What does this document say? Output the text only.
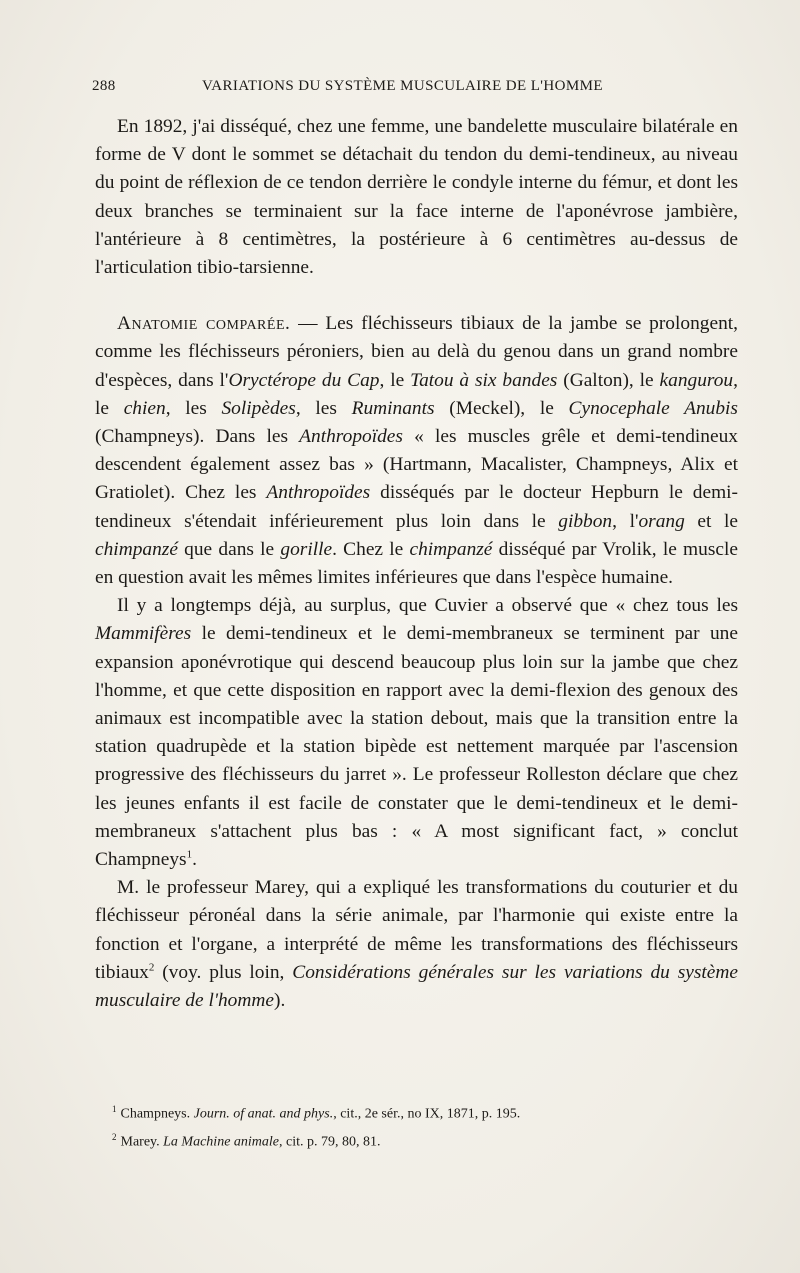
288	VARIATIONS DU SYSTÈME MUSCULAIRE DE L'HOMME

En 1892, j'ai disséqué, chez une femme, une bandelette musculaire bilatérale en forme de V dont le sommet se détachait du tendon du demi-tendineux, au niveau du point de réflexion de ce tendon derrière le condyle interne du fémur, et dont les deux branches se terminaient sur la face interne de l'aponévrose jambière, l'antérieure à 8 centimètres, la postérieure à 6 centimètres au-dessus de l'articulation tibio-tarsienne.

Anatomie comparée. — Les fléchisseurs tibiaux de la jambe se prolongent, comme les fléchisseurs péroniers, bien au delà du genou dans un grand nombre d'espèces, dans l'Oryctérope du Cap, le Tatou à six bandes (Galton), le kangurou, le chien, les Solipèdes, les Ruminants (Meckel), le Cynocephale Anubis (Champneys). Dans les Anthropoïdes « les muscles grêle et demi-tendineux descendent également assez bas » (Hartmann, Macalister, Champneys, Alix et Gratiolet). Chez les Anthropoïdes disséqués par le docteur Hepburn le demi-tendineux s'étendait inférieurement plus loin dans le gibbon, l'orang et le chimpanzé que dans le gorille. Chez le chimpanzé disséqué par Vrolik, le muscle en question avait les mêmes limites inférieures que dans l'espèce humaine.

Il y a longtemps déjà, au surplus, que Cuvier a observé que « chez tous les Mammifères le demi-tendineux et le demi-membraneux se terminent par une expansion aponévrotique qui descend beaucoup plus loin sur la jambe que chez l'homme, et que cette disposition en rapport avec la demi-flexion des genoux des animaux est incompatible avec la station debout, mais que la transition entre la station quadrupède et la station bipède est nettement marquée par l'ascension progressive des fléchisseurs du jarret ». Le professeur Rolleston déclare que chez les jeunes enfants il est facile de constater que le demi-tendineux et le demi-membraneux s'attachent plus bas : « A most significant fact, » conclut Champneys$^1$.

M. le professeur Marey, qui a expliqué les transformations du couturier et du fléchisseur péronéal dans la série animale, par l'harmonie qui existe entre la fonction et l'organe, a interprété de même les transformations des fléchisseurs tibiaux$^2$ (voy. plus loin, Considérations générales sur les variations du système musculaire de l'homme).

$^1$ Champneys. Journ. of anat. and phys., cit., 2e sér., no IX, 1871, p. 195.

$^2$ Marey. La Machine animale, cit. p. 79, 80, 81.
